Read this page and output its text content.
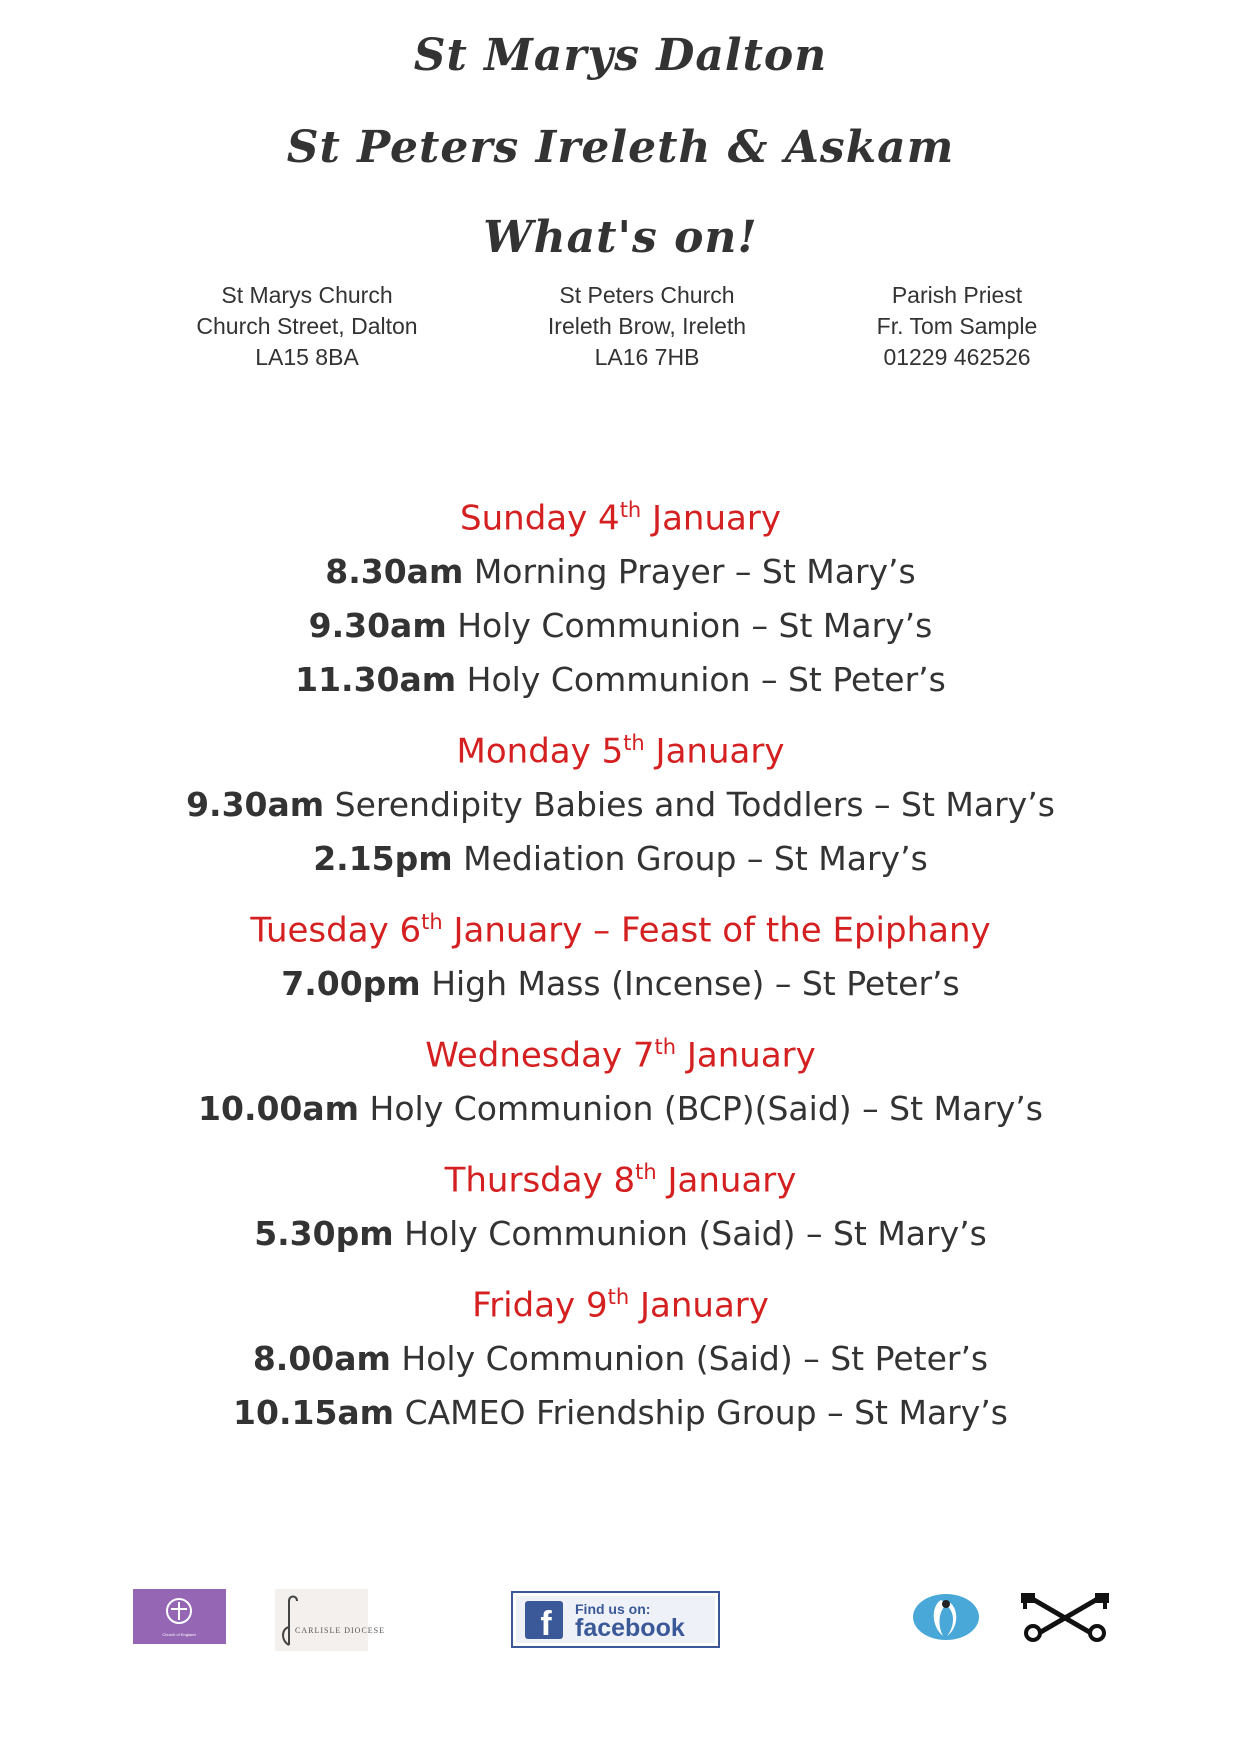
St Marys Dalton
St Peters Ireleth & Askam
What's on!
St Marys Church
Church Street, Dalton
LA15 8BA
St Peters Church
Ireleth Brow, Ireleth
LA16 7HB
Parish Priest
Fr. Tom Sample
01229 462526
Sunday 4th January
8.30am Morning Prayer – St Mary’s
9.30am Holy Communion – St Mary’s
11.30am Holy Communion – St Peter’s
Monday 5th January
9.30am Serendipity Babies and Toddlers – St Mary’s
2.15pm Mediation Group – St Mary’s
Tuesday 6th January – Feast of the Epiphany
7.00pm High Mass (Incense) – St Peter’s
Wednesday 7th January
10.00am Holy Communion (BCP)(Said) – St Mary’s
Thursday 8th January
5.30pm Holy Communion (Said) – St Mary’s
Friday 9th January
8.00am Holy Communion (Said) – St Peter’s
10.15am CAMEO Friendship Group – St Mary’s
Church of England	CARLISLE DIOCESE	f Find us on:
facebook
